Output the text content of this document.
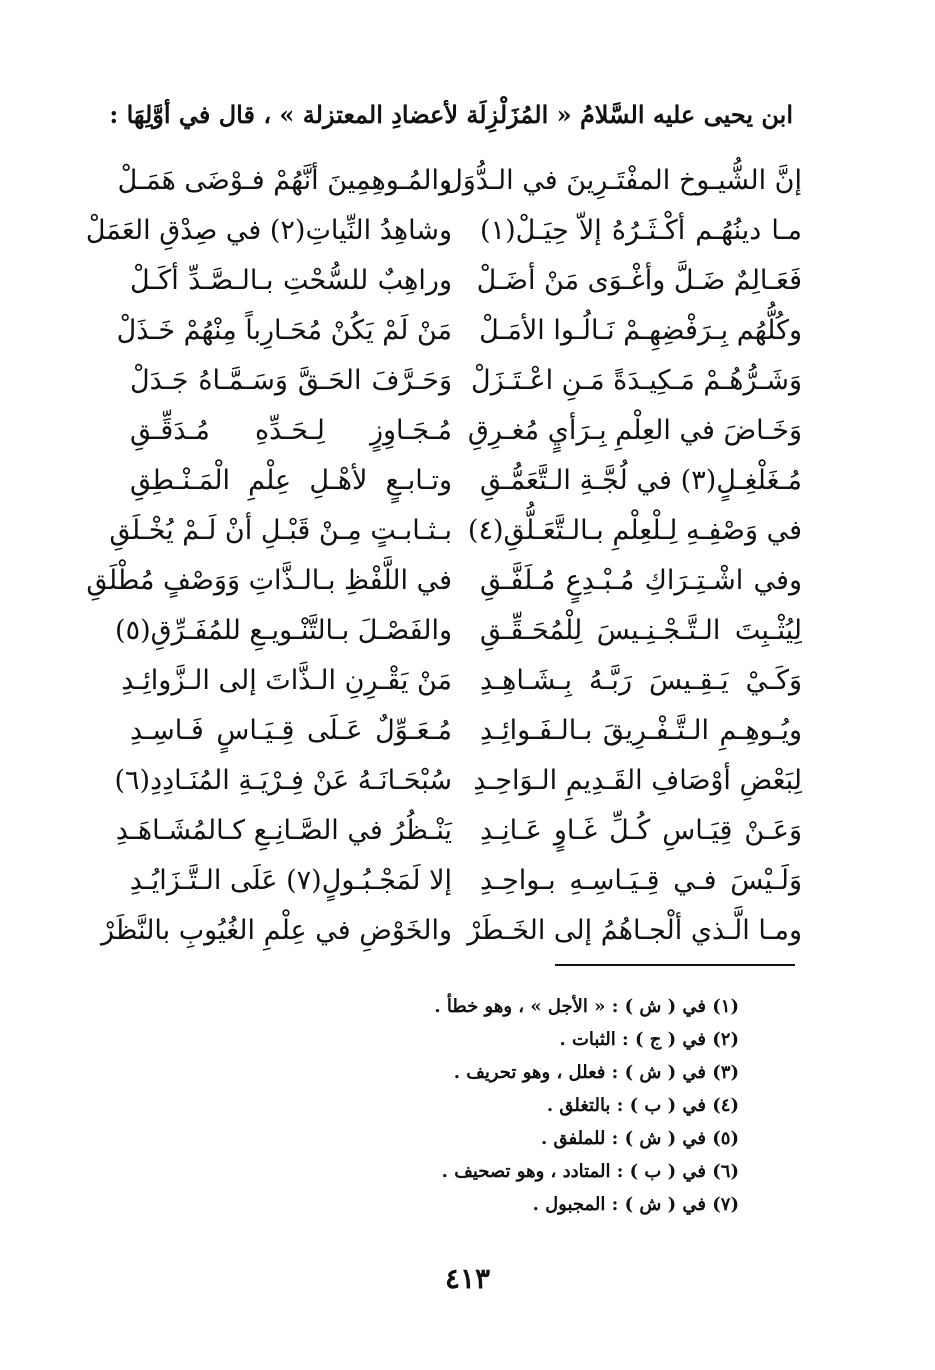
ابن يحيى عليه السَّلامُ « المُزَلْزِلَة لأعضادِ المعتزلة » ، قال في أوَّلِهَا :
إنَّ الشُّيـوخ المفْتَـرِينَ في الـدُّوَل
والمُـوهِمِينَ أنَّهُمْ فـوْضَى هَمَـلْ
مـا دينُهُـم أكْـثَـرُهُ إلاّ حِيَـلْ(١)
وشاهِدُ النِّياتِ(٢) في صِدْقِ العَمَلْ
فَعَـالِمٌ ضَـلَّ وأغْـوَى مَنْ أضَـلْ
وراهِبٌ للسُّحْتِ بـالـصَّـدِّ أكَـلْ
وكُلُّهُم بِـرَفْضِهِـمْ نَـالُـوا الأمَـلْ
مَنْ لَمْ يَكُنْ مُحَـارِباً مِنْهُمْ خَـذَلْ
وَشَـرُّهُـمْ مَـكِيـدَةً مَـنِ اعْـتَـزَلْ
وَحَـرَّفَ الحَـقَّ وَسَـمَّـاهُ جَـدَلْ
وَخَـاضَ في العِلْمِ بِـرَأيٍ مُغـرِقِ
مُـجَـاوِزٍ لِـحَـدِّهِ مُـدَقِّـقِ
مُـغَلْغِـلٍ(٣) في لُجَّـةِ الـتَّعَمُّـقِ
وتـابـعٍ لأهْـلِ عِلْمِ الْمَـنْـطِقِ
في وَصْفِـهِ لِـلْعِلْمِ بـالـتَّعَـلُّقِ(٤)
بـثـابـتٍ مِـنْ قَبْـلِ أنْ لَـمْ يُخْـلَقِ
وفي اشْـتِـرَاكِ مُـبْـدِعٍ مُـلَفَّـقِ
في اللَّفْظِ بـالـذَّاتِ وَوَصْفٍ مُطْلَقِ
لِيُثْـبِتَ الـتَّـجْـنِـيسَ لِلْمُحَـقِّـقِ
والفَصْـلَ بـالتَّنْـويـعِ للمُفَـرِّقِ(٥)
وَكَـيْ يَـقِـيسَ رَبَّـهُ بِـشَـاهِـدِ
مَنْ يَقْـرِنِ الـذَّاتَ إلى الـزَّوائِـدِ
ويُـوهِـمِ الـتَّـفْـرِيقَ بـالـفَـوائِـدِ
مُـعَـوِّلٌ عَـلَى قِـيَـاسٍ فَـاسِـدِ
لِبَعْضِ أوْصَافِ القَـدِيمِ الـوَاحِـدِ
سُبْحَـانَـهُ عَنْ فِـرْيَـةِ المُنَـادِدِ(٦)
وَعَـنْ قِيَـاسِ كُـلِّ غَـاوٍ عَـانِـدِ
يَنْـظُرُ في الصَّـانِـعِ كـالمُشَـاهَـدِ
وَلَـيْسَ فـي قِـيَـاسِـهِ بـواحِـدِ
إلا لَمَجْـبُـولٍ(٧) عَلَى الـتَّـزَايُـدِ
ومـا الَّـذي ألْجـاهُمُ إلى الخَـطَرْ
والخَوْضِ في عِلْمِ الغُيُوبِ بالنَّظَرْ
(١) في ( ش ) : « الأجل » ، وهو خطأ .
(٢) في ( ج ) : الثبات .
(٣) في ( ش ) : فعلل ، وهو تحريف .
(٤) في ( ب ) : بالتغلق .
(٥) في ( ش ) : للملفق .
(٦) في ( ب ) : المتادد ، وهو تصحيف .
(٧) في ( ش ) : المجبول .
٤١٣
